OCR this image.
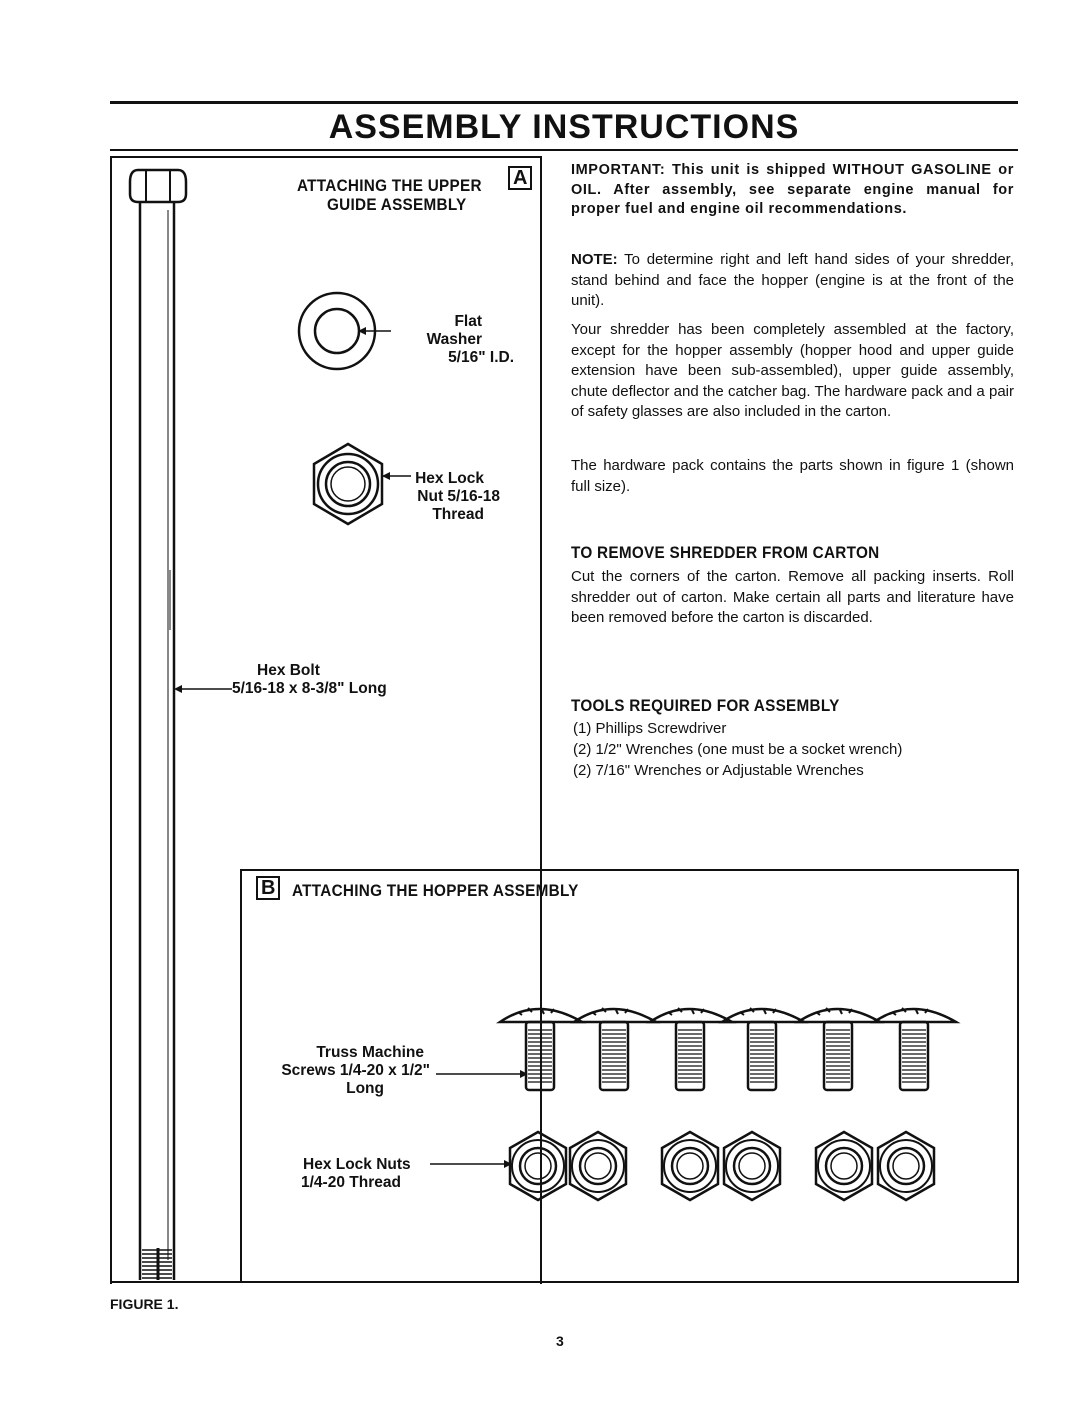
ASSEMBLY INSTRUCTIONS
ATTACHING THE UPPER
GUIDE ASSEMBLY
A
Flat
Washer
5/16" I.D.
Hex Lock
Nut 5/16-18
Thread
Hex Bolt
5/16-18 x 8-3/8" Long
IMPORTANT: This unit is shipped WITHOUT GASOLINE or OIL. After assembly, see separate engine manual for proper fuel and engine oil recommendations.
NOTE: To determine right and left hand sides of your shredder, stand behind and face the hopper (engine is at the front of the unit).
Your shredder has been completely assembled at the factory, except for the hopper assembly (hopper hood and upper guide extension have been sub-assembled), upper guide assembly, chute deflector and the catcher bag. The hardware pack and a pair of safety glasses are also included in the carton.
The hardware pack contains the parts shown in figure 1 (shown full size).
TO REMOVE SHREDDER FROM CARTON
Cut the corners of the carton. Remove all packing inserts. Roll shredder out of carton. Make certain all parts and literature have been removed before the carton is discarded.
TOOLS REQUIRED FOR ASSEMBLY
(1) Phillips Screwdriver
(2) 1/2" Wrenches (one must be a socket wrench)
(2) 7/16" Wrenches or Adjustable Wrenches
B ATTACHING THE HOPPER ASSEMBLY
Truss Machine
Screws 1/4-20 x 1/2"
Long
Hex Lock Nuts
1/4-20 Thread
FIGURE 1.
3
